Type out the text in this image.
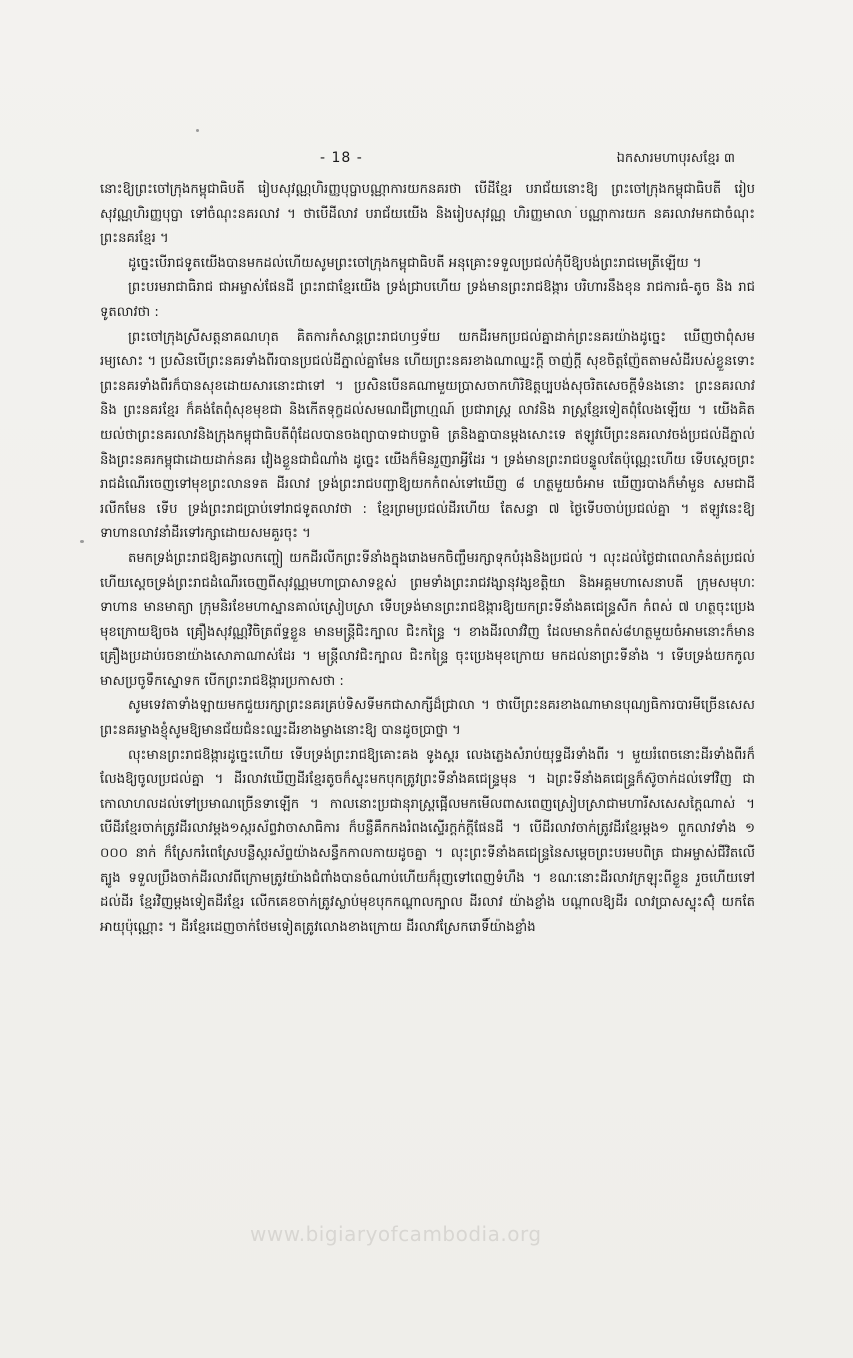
- 18 -	ឯកសារមហាបុរសខ្មែរ ៣

នោះឱ្យព្រះចៅក្រុងកម្ពុជាធិបតី រៀបសុវណ្ណហិរញ្ញបុប្ផាបណ្ណាការយកនគរថា បើដីខ្មែរ បរាជ័យនោះឱ្យ ព្រះចៅក្រុងកម្ពុជាធិបតី រៀបសុវណ្ណហិរញ្ញបុប្ផា ទៅចំណុះនគរលាវ ។ ថាបើដីលាវ បរាជ័យយើង និងរៀបសុវណ្ណ ហិរញ្ញមាលា បណ្ណាការយក នគរលាវមកជាចំណុះ ព្រះនគរខ្មែរ ។

ដូច្នេះបើរាជទូតយើងបានមកដល់ហើយសូមព្រះចៅក្រុងកម្ពុជាធិបតី អនុគ្រោះទទួលប្រជល់កុំបីឱ្យបង់ព្រះរាជមេត្រីឡើយ ។

ព្រះបរមរាជាធិរាជ ជាអម្ចាស់ផែនដី ព្រះរាជាខ្មែរយើង ទ្រង់ជ្រាបហើយ ទ្រង់មានព្រះរាជឱង្ការ បរិហារនឹងខុន រាជការធំ-តូច និង រាជ ទូតលាវថា :

ព្រះចៅក្រុងស្រីសត្តនាគណហុត គិតការកំសាន្តព្រះរាជហឫទ័យ យកដីរមកប្រជល់គ្នាដាក់ព្រះនគរយ៉ាងដូច្នេះ ឃើញថាពុំសមរម្យសោះ ។ ប្រសិនបើព្រះនគរទាំងពីរបានប្រជល់ដីភ្នាល់គ្នាមែន ហើយព្រះនគរខាងណាឈ្នះក្តី ចាញ់ក្តី សុខចិត្តញ៉ែតតាមសំដីរបស់ខ្លួនទោះព្រះនគរទាំងពីរក៏បានសុខដោយសារនោះជាទៅ ។ ប្រសិនបើនគណាមួយប្រាសចាកហិរិឱត្តប្បបង់សុចរិតសេចក្តីទំនងនោះ ព្រះនគរលាវ និង ព្រះនគរខ្មែរ ក៏គង់តែពុំសុខមុខជា និងកើតទុក្ខដល់សមណជីព្រាហ្មណ៍ ប្រជារាស្ត្រ លាវនិង រាស្ត្រខ្មែរទៀតពុំលែងឡើយ ។ យើងគិតយល់ថាព្រះនគរលាវនិងក្រុងកម្ពុជាធិបតីពុំដែលបានចងព្យាបាទជាបច្ចាមិ ត្រនិងគ្នាបានម្តងសោះទេ ឥឡូវបើព្រះនគរលាវចង់ប្រជល់ដីភ្នាល់ និងព្រះនគរកម្ពុជាដោយដាក់នគរ វៀងខ្លួនជាជំណាំង ដូច្នេះ យើងក៏មិនរួញរាអ្វីដែរ ។ ទ្រង់មានព្រះរាជបន្ទូលតែប៉ុណ្ណេះហើយ ទើបស្តេចព្រះរាជដំណើរចេញទៅមុខព្រះលានទត ដីរលាវ ទ្រង់ព្រះរាជបញ្ជាឱ្យយកកំពស់ទៅឃើញ ៨ ហត្ថមួយចំអាម ឃើញរបាងក៏មាំមួន សមជាដីរលីកមែន ទើប ទ្រង់ព្រះរាជប្រាប់ទៅរាជទូតលាវថា : ខ្មែរព្រមប្រជល់ដីរហើយ តែសន្ធា ៧ ថ្ងៃទើបចាប់ប្រជល់គ្នា ។ ឥឡូវនេះឱ្យទាហានលាវនាំដីរទៅរក្សាដោយសមគួរចុះ ។

តមកទ្រង់ព្រះរាជឱ្យគង្វាលកញ្ចៀ យកដីរលីកព្រះទីនាំងក្នុងរោងមកចិញ្ចឹមរក្សាទុកបំរុងនិងប្រជល់ ។ លុះដល់ថ្ងៃជាពេលាកំនត់ប្រជល់ហើយស្តេចទ្រង់ព្រះរាជដំណើរចេញពីសុវណ្ណមហាប្រាសាទខ្ពស់ ព្រមទាំងព្រះរាជវង្សានុវង្សខត្តិយា និងអគ្គមហាសេនាបតី ក្រុមសមុហៈទាហាន មានមាត្យា ក្រុមនិរខែមហាស្នានគាល់ស្រៀបស្រា ទើបទ្រង់មានព្រះរាជឱង្ការឱ្យយកព្រះទីនាំងគជេន្ទ្រសីក កំពស់ ៧ ហត្ថចុះប្រេង មុខក្រោយឱ្យចង គ្រឿងសុវណ្ណវិចិត្រព័ទ្ធខ្លួន មានមន្ត្រីជិះក្បាល ជិះកន្ទ្រៃ ។ ខាងដីរលាវវិញ ដែលមានកំពស់៨ហត្ថមួយចំអាមនោះក៏មានគ្រឿងប្រដាប់រចនាយ៉ាងសោភាណាស់ដែរ ។ មន្ត្រីលាវជិះក្បាល ជិះកន្ទ្រៃ ចុះប្រេងមុខក្រោយ មកដល់នាព្រះទីនាំង ។ ទើបទ្រង់យកកូលមាសប្រចូទឹកស្នោទក បើកព្រះរាជឱង្ការប្រកាសថា :

សូមទេវតាទាំងឡាយមកជួយរក្សាព្រះនគរគ្រប់ទិសទីមកជាសាក្សីដ៏ជ្រាលា ។ ថាបើព្រះនគរខាងណាមានបុណ្យធិការបារមីច្រើនសេសព្រះនគរម្ខាងខ្ញុំសូមឱ្យមានជ័យជំនះឈ្នះដីរខាងម្ខាងនោះឱ្យ បានដូចប្រាថ្នា ។

លុះមានព្រះរាជឱង្ការដូច្នេះហើយ ទើបទ្រង់ព្រះរាជឱ្យគោះគង ទូងស្គរ លេងភ្លេងសំរាប់យុទ្ធដីរទាំងពីរ ។ មួយរំពេចនោះដីរទាំងពីរក៏លែងឱ្យចូលប្រជល់គ្នា ។ ដីរលាវឃើញដីរខ្មែរតូចក៏ស្ទុះមកបុកត្រូវព្រះទីនាំងគជេន្ទ្រមុន ។ ឯព្រះទីនាំងគជេន្ទ្រក៏ស៊ូចាក់ដល់ទៅវិញ ជាកោលាហលដល់ទៅប្រមាណច្រើនទាឡើក ។ កាលនោះប្រជានុរាស្ត្រផ្អើលមកមើលពាសពេញស្រៀបស្រាជាមហារីសសេសក្តៃណាស់ ។ បើដីរខ្មែរចាក់ត្រូវដីរលាវម្តង១ស្ករស័ព្ទវាចាសាធិការ ក៏បន្លឺគឹកកងរំពងស្ទើរក្តក់ក្តីផែនដី ។ បើដីរលាវចាក់ត្រូវដីរខ្មែរម្តង១ ពួកលាវទាំង ១ ០០០ នាក់ ក៏ស្រែករំពេស្រែបន្លឺស្ករស័ព្ទយ៉ាងសន្ធឹកកាលកាយដូចគ្នា ។ លុះព្រះទីនាំងគជេន្ទ្រនៃសម្តេចព្រះបរមបពិត្រ ជាអម្ចាស់ជីវិតលើត្បូង ទទួលប្រឹងចាក់ដីរលាវពីក្រោមត្រូវយ៉ាងជំពាំងបានចំណាប់ហើយក៏រុញទៅពេញទំហឹង ។ ខណៈនោះដីរលាវក្រឡុះពីខ្លួន រួចហើយទៅដល់ដីរ ខ្មែរវិញម្តងទៀតដីរខ្មែរ លើកគេខចាក់ត្រូវស្លាប់មុខបុកកណ្តាលក្បាល ដីរលាវ យ៉ាងខ្លាំង បណ្តាលឱ្យដីរ លាវប្រាសស្ទុះស៊ុំ យកតែអាយុប៉ុណ្ណោះ ។ ដីរខ្មែរដេញចាក់ថែមទៀតត្រូវលោងខាងក្រោយ ដីរលាវស្រែករោទិ៍យ៉ាងខ្លាំង

www.bigiaryofcambodia.org
